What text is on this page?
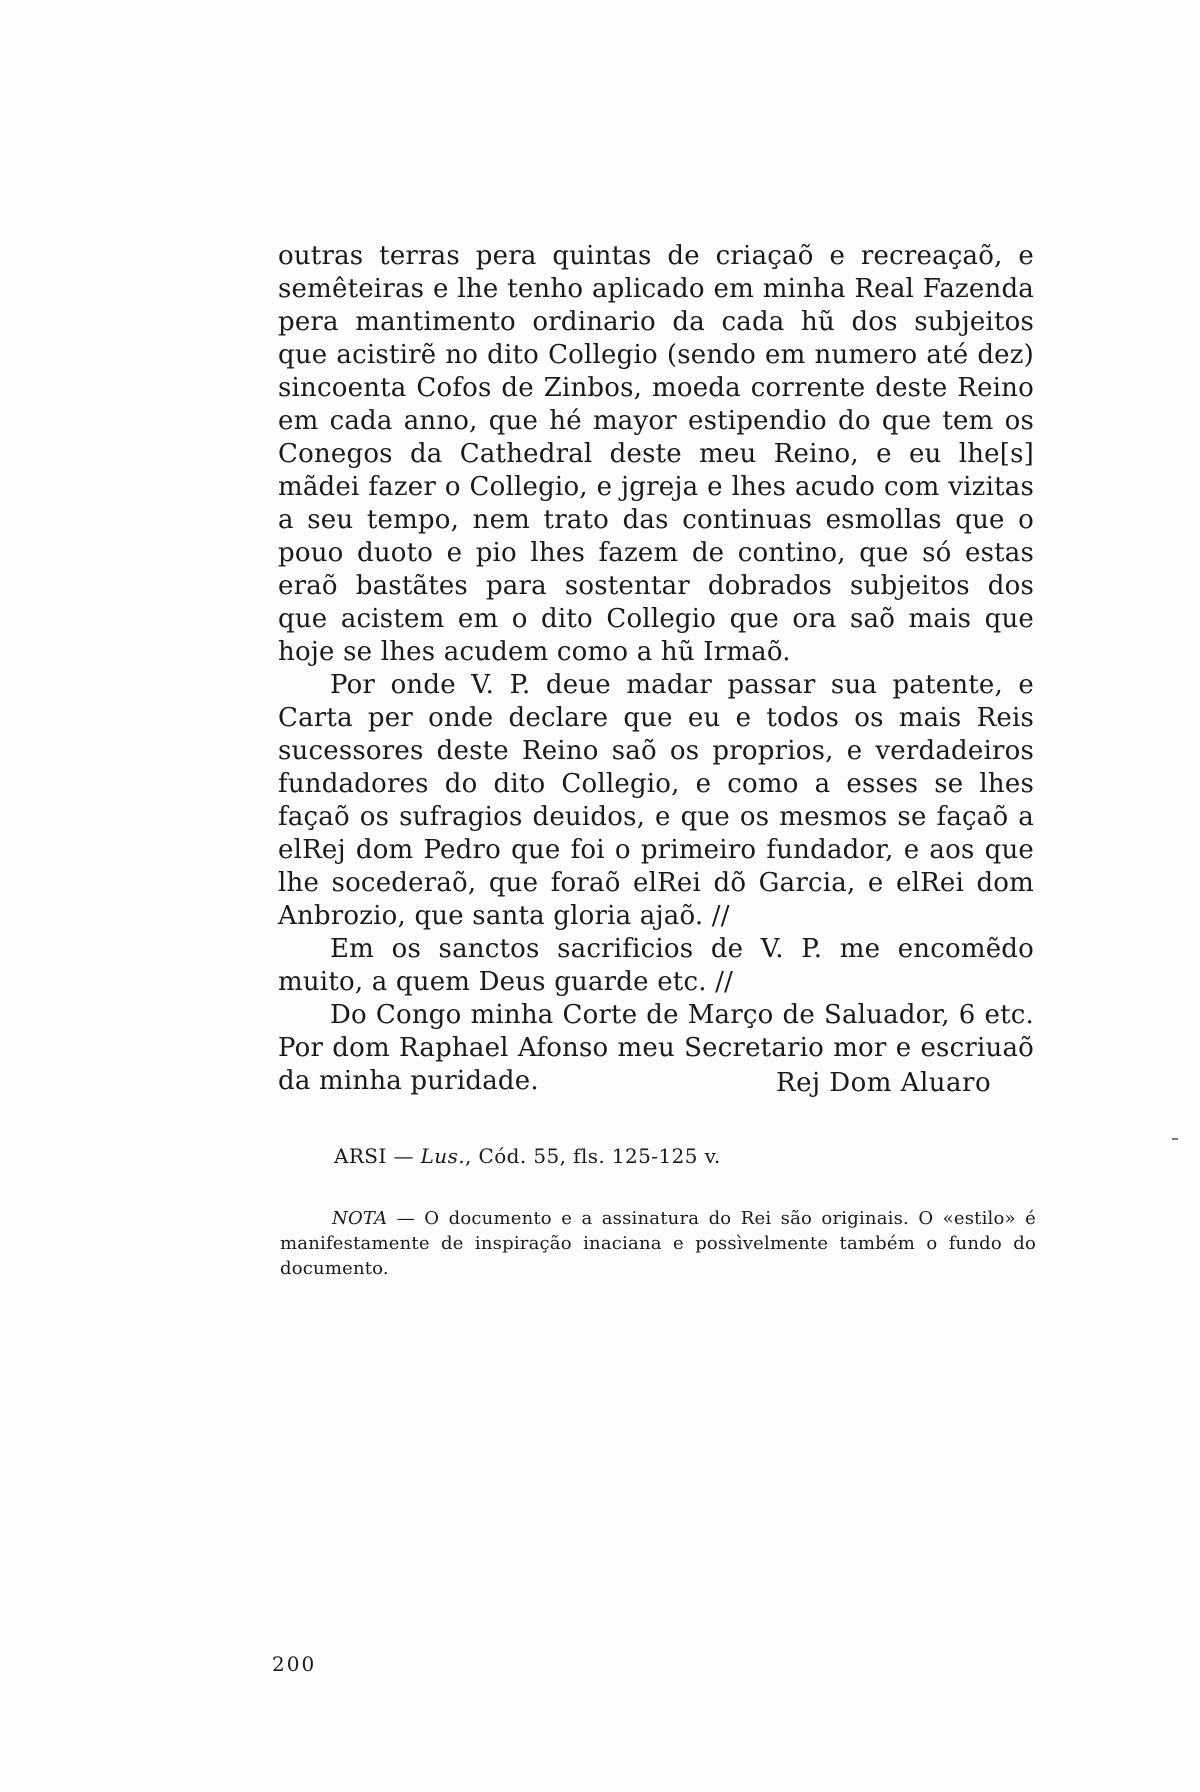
outras terras pera quintas de criaçaõ e recreaçaõ, e semêteiras e lhe tenho aplicado em minha Real Fazenda pera mantimento ordinario da cada hũ dos subjeitos que acistirẽ no dito Collegio (sendo em numero até dez) sincoenta Cofos de Zinbos, moeda corrente deste Reino em cada anno, que hé mayor estipendio do que tem os Conegos da Cathedral deste meu Reino, e eu lhe[s] mãdei fazer o Collegio, e jgreja e lhes acudo com vizitas a seu tempo, nem trato das continuas esmollas que o pouo duoto e pio lhes fazem de contino, que só estas eraõ bastãtes para sostentar dobrados subjeitos dos que acistem em o dito Collegio que ora saõ mais que hoje se lhes acudem como a hũ Irmaõ.

Por onde V. P. deue madar passar sua patente, e Carta per onde declare que eu e todos os mais Reis sucessores deste Reino saõ os proprios, e verdadeiros fundadores do dito Collegio, e como a esses se lhes façaõ os sufragios deuidos, e que os mesmos se façaõ a elRej dom Pedro que foi o primeiro fundador, e aos que lhe socederaõ, que foraõ elRei dõ Garcia, e elRei dom Anbrozio, que santa gloria ajaõ. //

Em os sanctos sacrificios de V. P. me encomẽdo muito, a quem Deus guarde etc. //

Do Congo minha Corte de Março de Saluador, 6 etc. Por dom Raphael Afonso meu Secretario mor e escriuaõ da minha puridade.	Rej Dom Aluaro
ARSI — Lus., Cód. 55, fls. 125-125 v.
NOTA — O documento e a assinatura do Rei são originais. O «estilo» é manifestamente de inspiração inaciana e possìvelmente também o fundo do documento.
200
